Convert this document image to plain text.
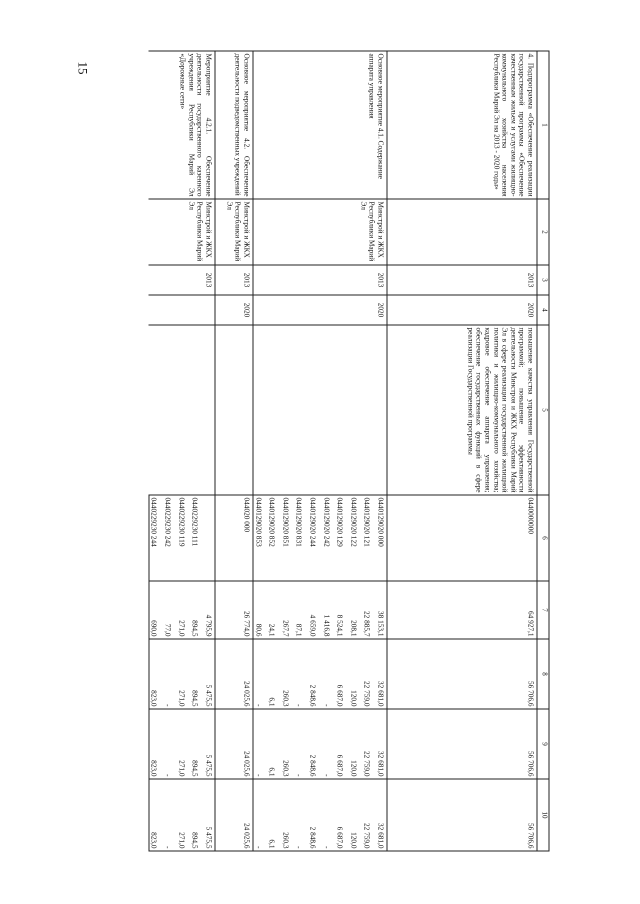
15
1	2	3	4	5	6	7	8	9	10
4. Подпрограмма «Обеспечение реализации государственной программы «Обеспечение качественным жильем и услугами жилищно-коммунального хозяйства населения Республики Марий Эл на 2013 - 2020 годы»		2013	2020	повышение качества управления Государственной программой; повышение эффективности деятельности Минстроя и ЖКХ Республики Марий Эл в сфере реализации государственной жилищной политики и жилищно-коммунального хозяйства; кадровое обеспечение аппарата управления; обеспечение государственных функций в сфере реализации Государственной программы	0440000000	64 927,1	56 706,6	56 706,6	56 706,6
Основное мероприятие 4.1. Содержание аппарата управления	Минстрой и ЖКХ Республики Марий Эл	2013	2020		0440129020 000	38 153,1	32 681,0	32 681,0	32 681,0
					0440129020 121	22 885,7	22 759,0	22 759,0	22 759,0
					0440129020 122	208,1	120,0	120,0	120,0
					0440129020 129	8 524,1	6 687,0	6 687,0	6 687,0
					0440129020 242	1 416,8	-	-	-
					0440129020 244	4 659,0	2 848,6	2 848,6	2 848,6
					0440129020 831	87,1	-	-	-
					0440129020 851	267,7	260,3	260,3	260,3
					0440129020 852	24,1	6,1	6,1	6,1
					0440129020 853	80,6	-	-	-
Основное мероприятие 4.2. Обеспечение деятельности подведомственных учреждений	Минстрой и ЖКХ Республики Марий Эл	2013	2020		044020 000	26 774,0	24 025,6	24 025,6	24 025,6
Мероприятие 4.2.1. Обеспечение деятельности государственного казенного учреждения Республики Марий Эл «Дорожные сети»	Минстрой и ЖКХ Республики Марий Эл	2013				4 795,9	5 475,5	5 475,5	5 475,5
					0440229230 111	894,5	894,5	894,5	894,5
					0440229230 119	271,0	271,0	271,0	271,0
					0440229230 242	77,0	-	-	-
					0440229230 244	690,0	823,0	823,0	823,0
